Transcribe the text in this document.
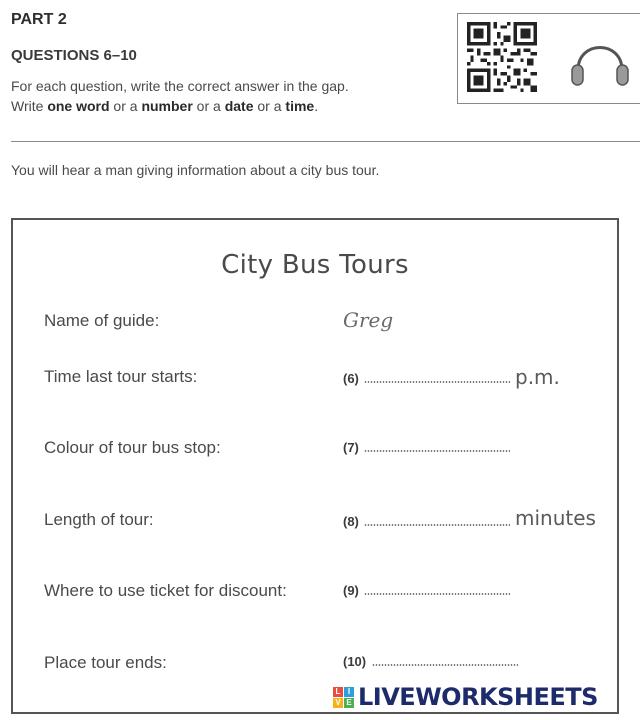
PART 2
QUESTIONS 6–10
For each question, write the correct answer in the gap.
Write one word or a number or a date or a time.
You will hear a man giving information about a city bus tour.
City Bus Tours
Name of guide:	Greg
Time last tour starts:	(6)	p.m.
Colour of tour bus stop:	(7)
Length of tour:	(8)	minutes
Where to use ticket for discount:	(9)
Place tour ends:	(10)
L I
V E LIVEWORKSHEETS
